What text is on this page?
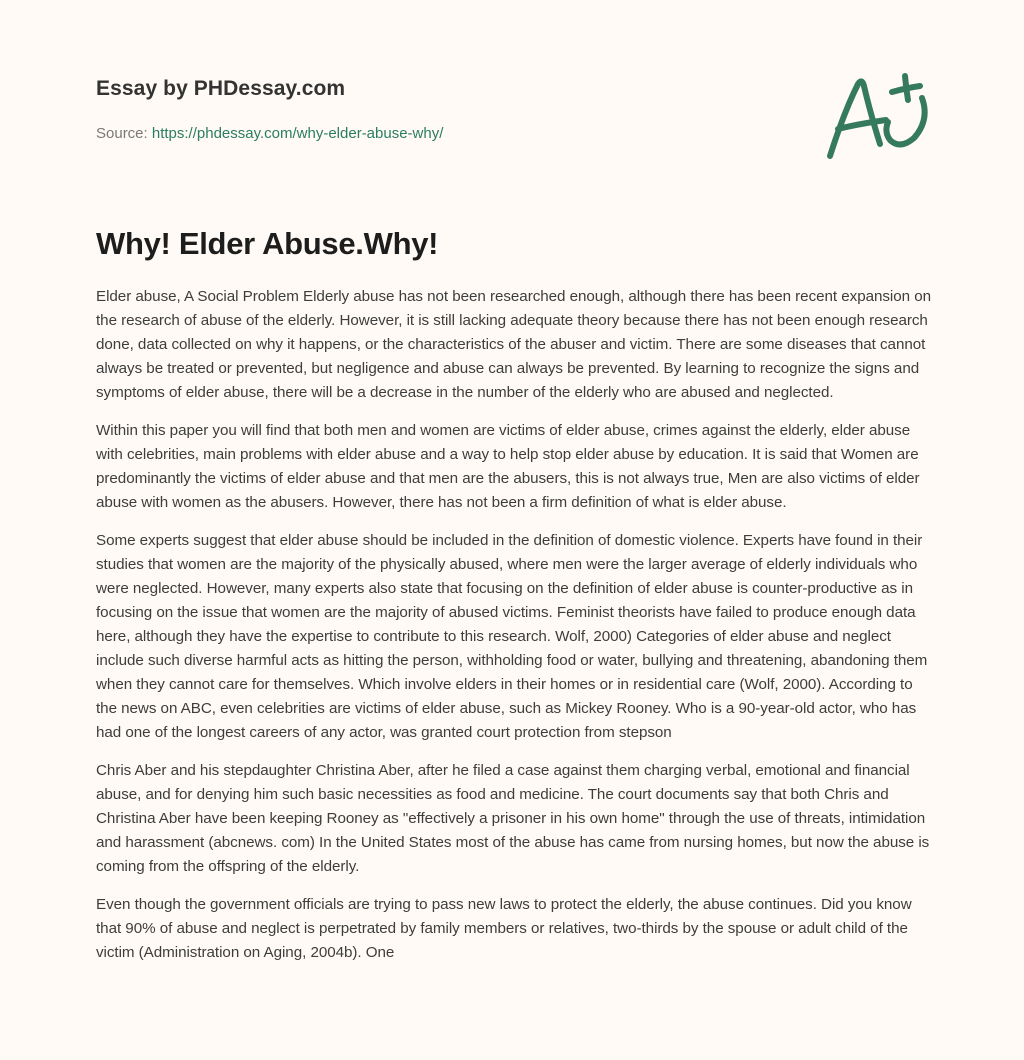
Essay by PHDessay.com
Source: https://phdessay.com/why-elder-abuse-why/
Why! Elder Abuse.Why!

Elder abuse, A Social Problem Elderly abuse has not been researched enough, although there has been recent expansion on the research of abuse of the elderly. However, it is still lacking adequate theory because there has not been enough research done, data collected on why it happens, or the characteristics of the abuser and victim. There are some diseases that cannot always be treated or prevented, but negligence and abuse can always be prevented. By learning to recognize the signs and symptoms of elder abuse, there will be a decrease in the number of the elderly who are abused and neglected.

Within this paper you will find that both men and women are victims of elder abuse, crimes against the elderly, elder abuse with celebrities, main problems with elder abuse and a way to help stop elder abuse by education. It is said that Women are predominantly the victims of elder abuse and that men are the abusers, this is not always true, Men are also victims of elder abuse with women as the abusers. However, there has not been a firm definition of what is elder abuse.

Some experts suggest that elder abuse should be included in the definition of domestic violence. Experts have found in their studies that women are the majority of the physically abused, where men were the larger average of elderly individuals who were neglected. However, many experts also state that focusing on the definition of elder abuse is counter-productive as in focusing on the issue that women are the majority of abused victims. Feminist theorists have failed to produce enough data here, although they have the expertise to contribute to this research. Wolf, 2000) Categories of elder abuse and neglect include such diverse harmful acts as hitting the person, withholding food or water, bullying and threatening, abandoning them when they cannot care for themselves. Which involve elders in their homes or in residential care (Wolf, 2000). According to the news on ABC, even celebrities are victims of elder abuse, such as Mickey Rooney. Who is a 90-year-old actor, who has had one of the longest careers of any actor, was granted court protection from stepson

Chris Aber and his stepdaughter Christina Aber, after he filed a case against them charging verbal, emotional and financial abuse, and for denying him such basic necessities as food and medicine. The court documents say that both Chris and Christina Aber have been keeping Rooney as "effectively a prisoner in his own home" through the use of threats, intimidation and harassment (abcnews. com) In the United States most of the abuse has came from nursing homes, but now the abuse is coming from the offspring of the elderly.

Even though the government officials are trying to pass new laws to protect the elderly, the abuse continues. Did you know that 90% of abuse and neglect is perpetrated by family members or relatives, two-thirds by the spouse or adult child of the victim (Administration on Aging, 2004b). One
